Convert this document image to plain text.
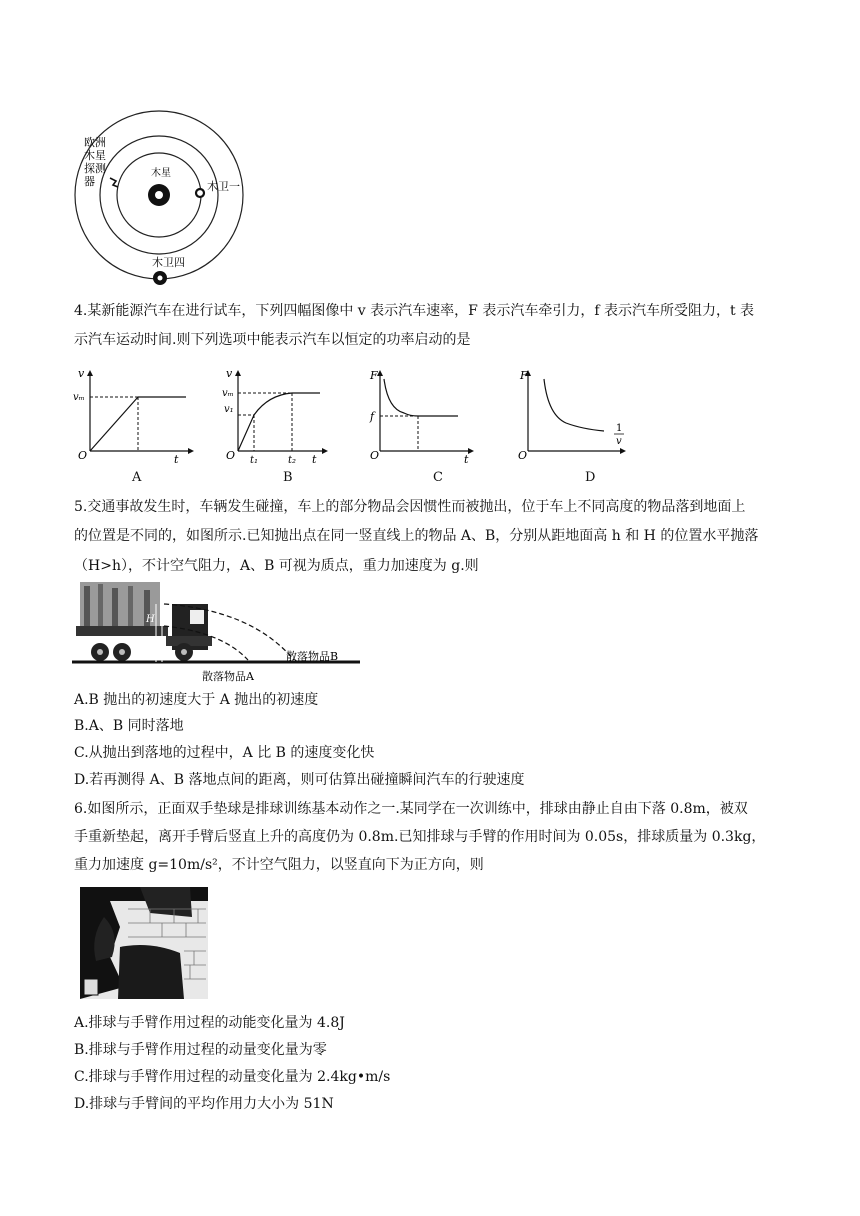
欧洲
木星
探测
器
木星
木卫一
木卫四
4.某新能源汽车在进行试车，下列四幅图像中 v 表示汽车速率，F 表示汽车牵引力，f 表示汽车所受阻力，t 表
示汽车运动时间.则下列选项中能表示汽车以恒定的功率启动的是
v
vₘ
O	t
A
v
vₘ
v₁
O t₁	t₂ t
B
F
f
O	t
C
F
O
1
v
D
5.交通事故发生时，车辆发生碰撞，车上的部分物品会因惯性而被抛出，位于车上不同高度的物品落到地面上
的位置是不同的，如图所示.已知抛出点在同一竖直线上的物品 A、B，分别从距地面高 h 和 H 的位置水平抛落
（H>h），不计空气阻力，A、B 可视为质点，重力加速度为 g.则
H h
散落物品B
散落物品A
A.B 抛出的初速度大于 A 抛出的初速度
B.A、B 同时落地
C.从抛出到落地的过程中，A 比 B 的速度变化快
D.若再测得 A、B 落地点间的距离，则可估算出碰撞瞬间汽车的行驶速度
6.如图所示，正面双手垫球是排球训练基本动作之一.某同学在一次训练中，排球由静止自由下落 0.8m，被双
手重新垫起，离开手臂后竖直上升的高度仍为 0.8m.已知排球与手臂的作用时间为 0.05s，排球质量为 0.3kg，
重力加速度 g=10m/s²，不计空气阻力，以竖直向下为正方向，则
A.排球与手臂作用过程的动能变化量为 4.8J
B.排球与手臂作用过程的动量变化量为零
C.排球与手臂作用过程的动量变化量为 2.4kg•m/s
D.排球与手臂间的平均作用力大小为 51N
